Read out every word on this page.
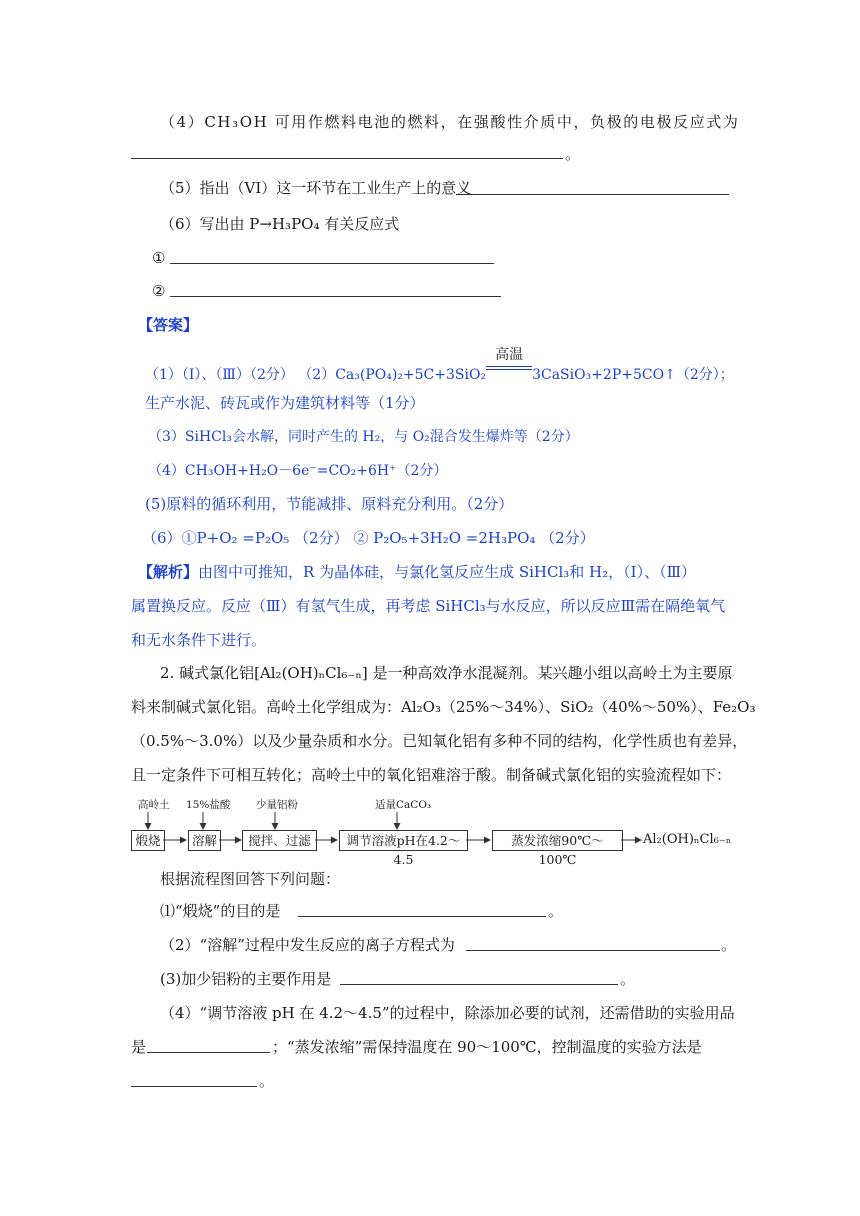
（4）CH₃OH 可用作燃料电池的燃料，在强酸性介质中，负极的电极反应式为
。
（5）指出（VI）这一环节在工业生产上的意义
（6）写出由 P→H₃PO₄ 有关反应式
①
②
【答案】
（1）（Ⅰ）、（Ⅲ）（2分） （2）Ca₃(PO₄)₂+5C+3SiO₂
高温
3CaSiO₃+2P+5CO↑（2分）；
生产水泥、砖瓦或作为建筑材料等（1分）
（3）SiHCl₃会水解，同时产生的 H₂，与 O₂混合发生爆炸等（2分）
（4）CH₃OH+H₂O－6e⁻=CO₂+6H⁺（2分）
(5)原料的循环利用，节能减排、原料充分利用。（2分）
（6）①P+O₂ =P₂O₅ （2分） ② P₂O₅+3H₂O =2H₃PO₄ （2分）
【解析】由图中可推知，R 为晶体硅，与氯化氢反应生成 SiHCl₃和 H₂，（Ⅰ）、（Ⅲ）
属置换反应。反应（Ⅲ）有氢气生成，再考虑 SiHCl₃与水反应，所以反应Ⅲ需在隔绝氧气
和无水条件下进行。
2. 碱式氯化铝[Al₂(OH)ₙCl₆₋ₙ] 是一种高效净水混凝剂。某兴趣小组以高岭土为主要原
料来制碱式氯化铝。高岭土化学组成为：Al₂O₃（25%～34%）、SiO₂（40%～50%）、Fe₂O₃
（0.5%～3.0%）以及少量杂质和水分。已知氧化铝有多种不同的结构，化学性质也有差异，
且一定条件下可相互转化；高岭土中的氧化铝难溶于酸。制备碱式氯化铝的实验流程如下：
高岭土 15%盐酸 少量铝粉	适量CaCO₃
煅烧	溶解	搅拌、过滤	调节溶液pH在4.2～4.5
蒸发浓缩90℃～100℃
Al₂(OH)ₙCl₆₋ₙ
根据流程图回答下列问题：
⑴“煅烧”的目的是	。
（2）“溶解”过程中发生反应的离子方程式为	。
(3)加少铝粉的主要作用是	。
（4）“调节溶液 pH 在 4.2～4.5”的过程中，除添加必要的试剂，还需借助的实验用品
是	；“蒸发浓缩”需保持温度在 90～100℃，控制温度的实验方法是
。
